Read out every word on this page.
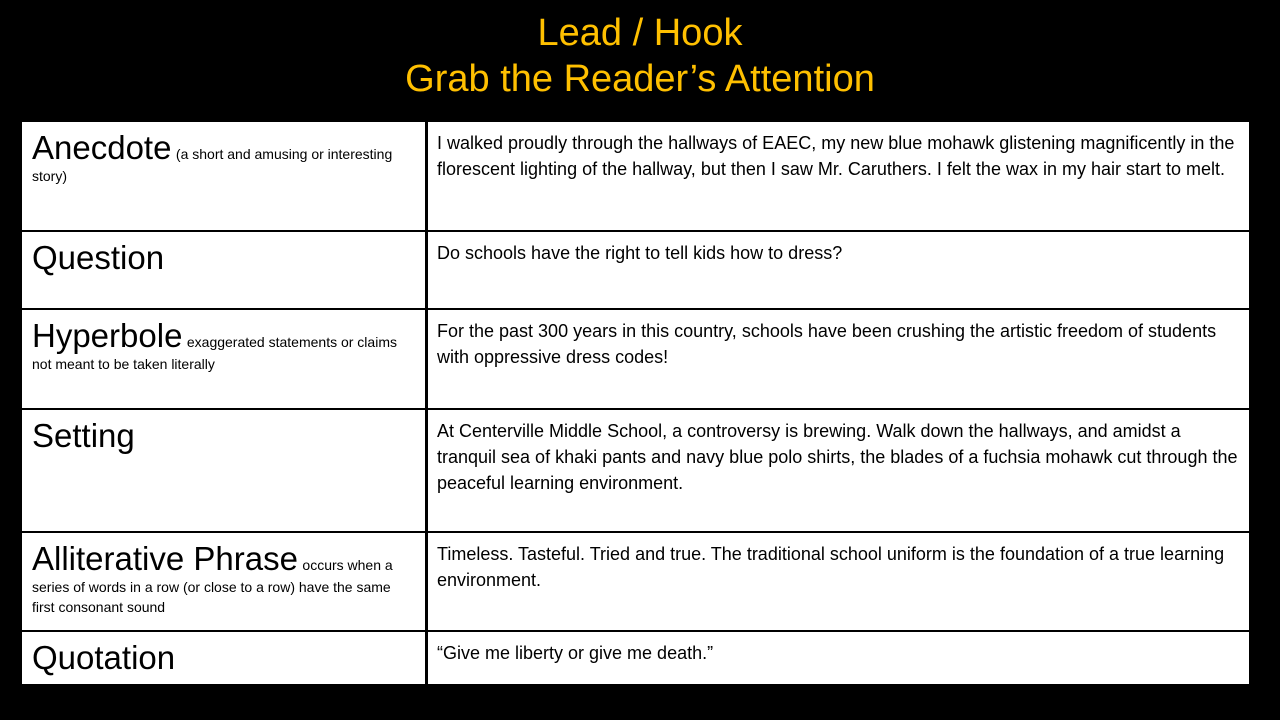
Lead / Hook
Grab the Reader’s Attention
Anecdote (a short and amusing or interesting story)	I walked proudly through the hallways of EAEC, my new blue mohawk glistening magnificently in the florescent lighting of the hallway, but then I saw Mr. Caruthers. I felt the wax in my hair start to melt.
Question	Do schools have the right to tell kids how to dress?
Hyperbole exaggerated statements or claims not meant to be taken literally	For the past 300 years in this country, schools have been crushing the artistic freedom of students with oppressive dress codes!
Setting	At Centerville Middle School, a controversy is brewing. Walk down the hallways, and amidst a tranquil sea of khaki pants and navy blue polo shirts, the blades of a fuchsia mohawk cut through the peaceful learning environment.
Alliterative Phrase occurs when a series of words in a row (or close to a row) have the same first consonant sound	Timeless. Tasteful. Tried and true. The traditional school uniform is the foundation of a true learning environment.
Quotation	“Give me liberty or give me death.”
